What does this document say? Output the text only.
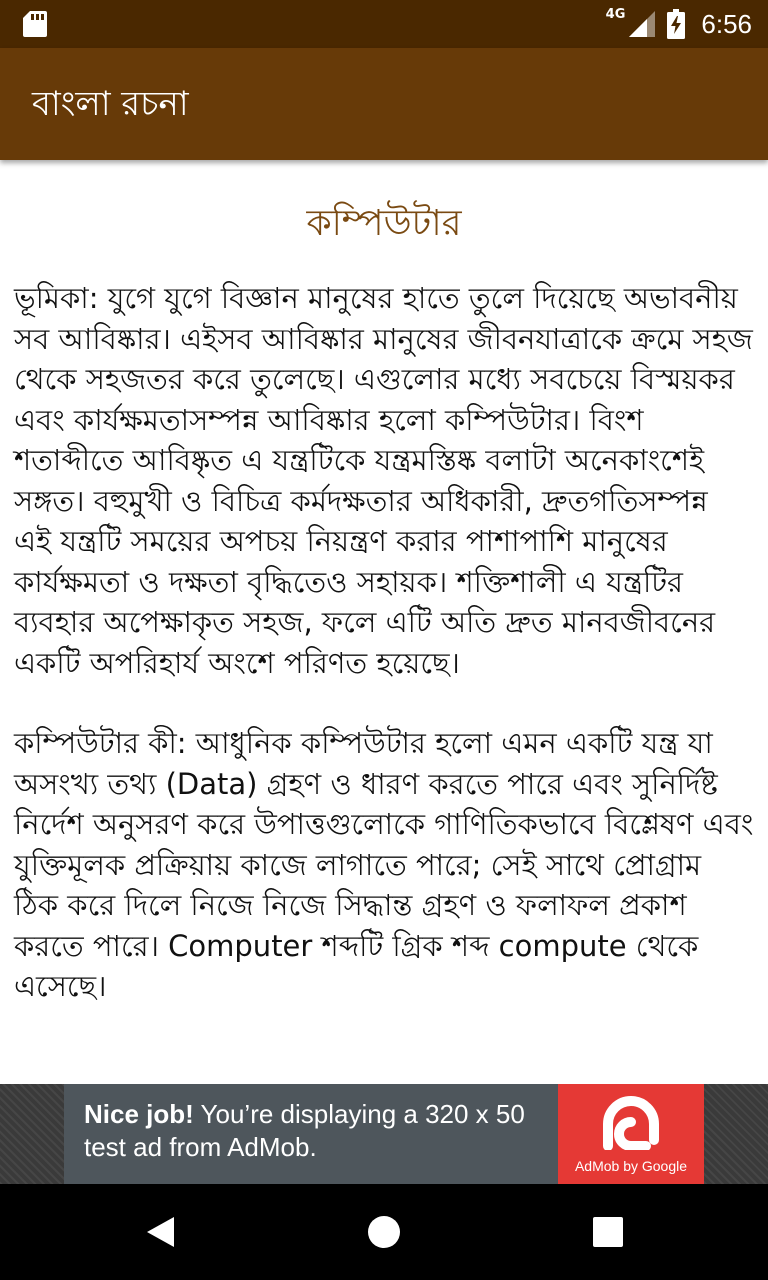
4G	6:56
বাংলা রচনা
কম্পিউটার

ভূমিকা: যুগে যুগে বিজ্ঞান মানুষের হাতে তুলে দিয়েছে অভাবনীয় সব আবিষ্কার। এইসব আবিষ্কার মানুষের জীবনযাত্রাকে ক্রমে সহজ থেকে সহজতর করে তুলেছে। এগুলোর মধ্যে সবচেয়ে বিস্ময়কর এবং কার্যক্ষমতাসম্পন্ন আবিষ্কার হলো কম্পিউটার। বিংশ শতাব্দীতে আবিষ্কৃত এ যন্ত্রটিকে যন্ত্রমস্তিষ্ক বলাটা অনেকাংশেই সঙ্গত। বহুমুখী ও বিচিত্র কর্মদক্ষতার অধিকারী, দ্রুতগতিসম্পন্ন এই যন্ত্রটি সময়ের অপচয় নিয়ন্ত্রণ করার পাশাপাশি মানুষের কার্যক্ষমতা ও দক্ষতা বৃদ্ধিতেও সহায়ক। শক্তিশালী এ যন্ত্রটির ব্যবহার অপেক্ষাকৃত সহজ, ফলে এটি অতি দ্রুত মানবজীবনের একটি অপরিহার্য অংশে পরিণত হয়েছে।

কম্পিউটার কী: আধুনিক কম্পিউটার হলো এমন একটি যন্ত্র যা অসংখ্য তথ্য (Data) গ্রহণ ও ধারণ করতে পারে এবং সুনির্দিষ্ট নির্দেশ অনুসরণ করে উপাত্তগুলোকে গাণিতিকভাবে বিশ্লেষণ এবং যুক্তিমূলক প্রক্রিয়ায় কাজে লাগাতে পারে; সেই সাথে প্রোগ্রাম ঠিক করে দিলে নিজে নিজে সিদ্ধান্ত গ্রহণ ও ফলাফল প্রকাশ করতে পারে। Computer শব্দটি গ্রিক শব্দ compute থেকে এসেছে।

Nice job! You’re displaying a 320 x 50 test ad from AdMob.
AdMob by Google
